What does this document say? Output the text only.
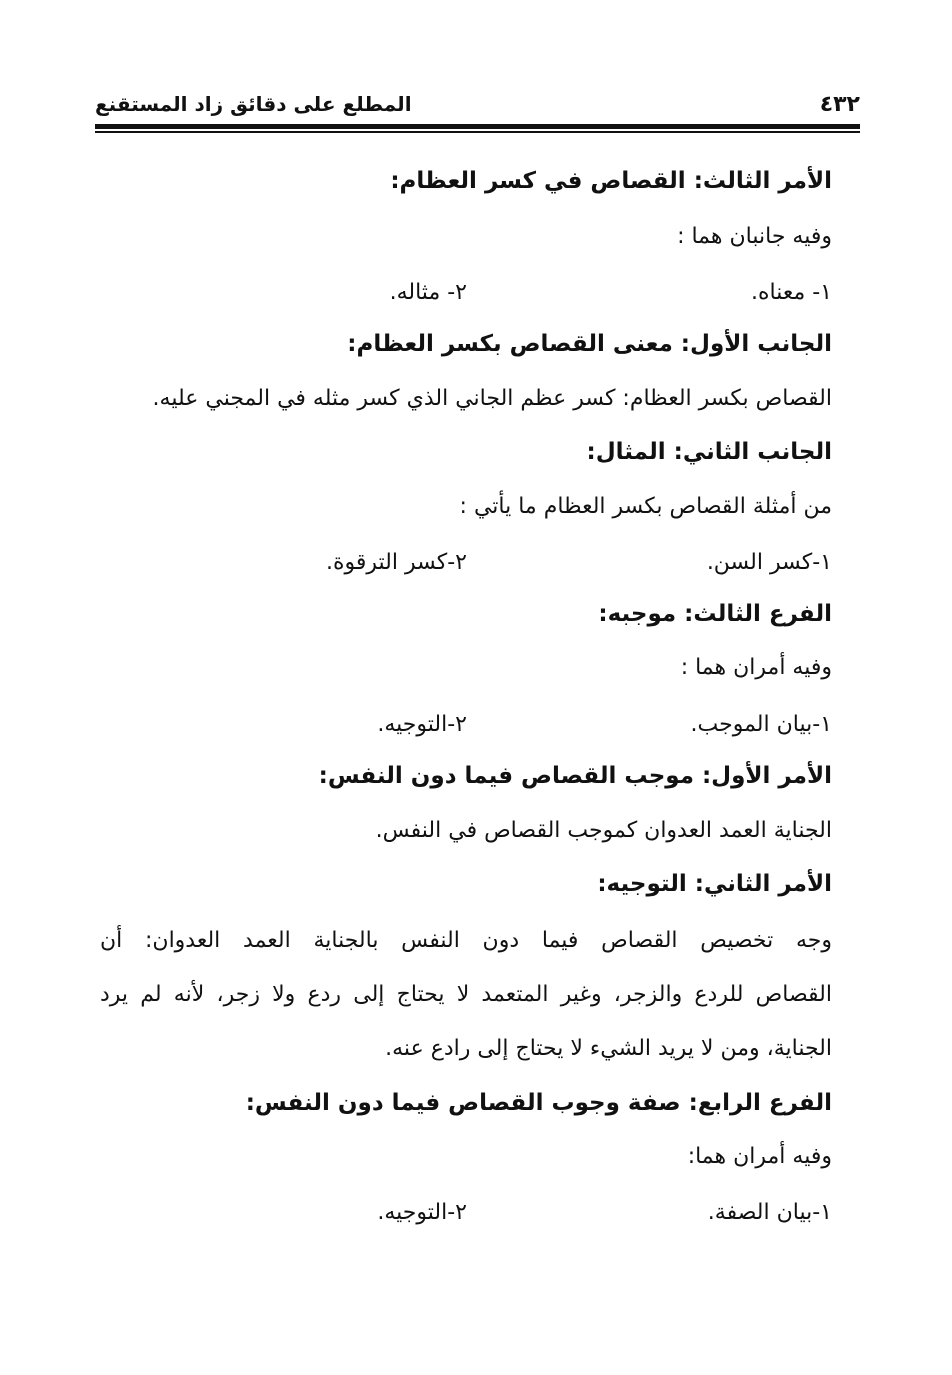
٤٣٢
المطلع على دقائق زاد المستقنع
الأمر الثالث: القصاص في كسر العظام:
وفيه جانبان هما :
١- معناه.
٢- مثاله.
الجانب الأول: معنى القصاص بكسر العظام:
القصاص بكسر العظام: كسر عظم الجاني الذي كسر مثله في المجني عليه.
الجانب الثاني: المثال:
من أمثلة القصاص بكسر العظام ما يأتي :
١-كسر السن.
٢-كسر الترقوة.
الفرع الثالث: موجبه:
وفيه أمران هما :
١-بيان الموجب.
٢-التوجيه.
الأمر الأول: موجب القصاص فيما دون النفس:
الجناية العمد العدوان كموجب القصاص في النفس.
الأمر الثاني: التوجيه:
وجه تخصيص القصاص فيما دون النفس بالجناية العمد العدوان: أن
القصاص للردع والزجر، وغير المتعمد لا يحتاج إلى ردع ولا زجر، لأنه لم يرد
الجناية، ومن لا يريد الشيء لا يحتاج إلى رادع عنه.
الفرع الرابع: صفة وجوب القصاص فيما دون النفس:
وفيه أمران هما:
١-بيان الصفة.
٢-التوجيه.
